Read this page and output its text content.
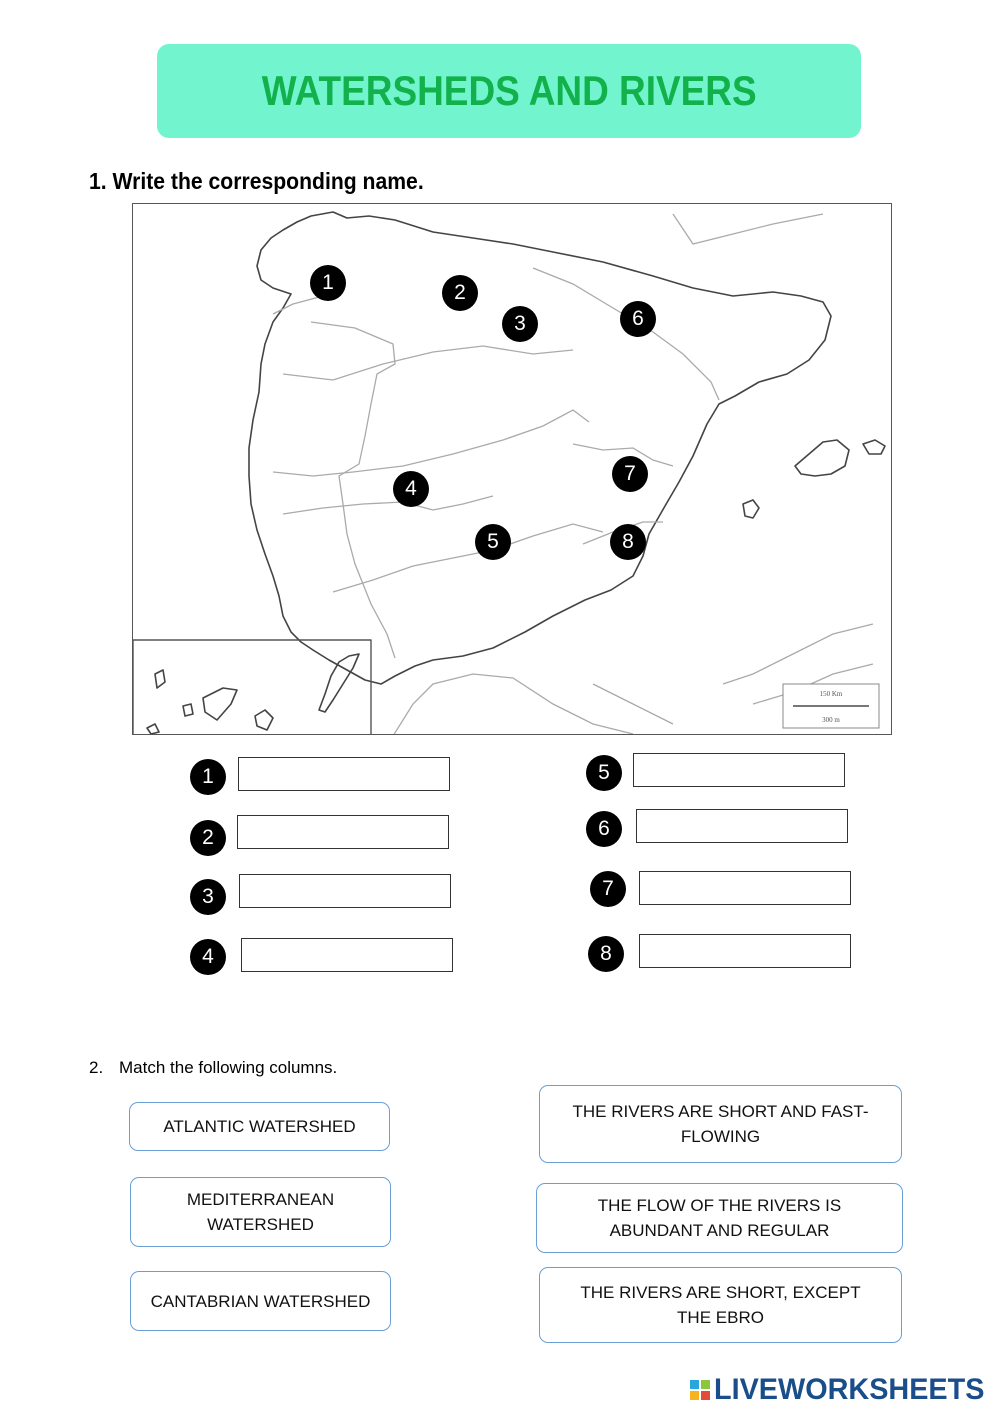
WATERSHEDS AND RIVERS
1. Write the corresponding name.
150 Km
300 m
1	2
3	6
7
4
5	8
1
2
3
4
5
6
7
8
2. Match the following columns.
ATLANTIC WATERSHED
MEDITERRANEAN WATERSHED
CANTABRIAN WATERSHED
THE RIVERS ARE SHORT AND FAST-FLOWING
THE FLOW OF THE RIVERS IS ABUNDANT AND REGULAR
THE RIVERS ARE SHORT, EXCEPT THE EBRO
LIVEWORKSHEETS
